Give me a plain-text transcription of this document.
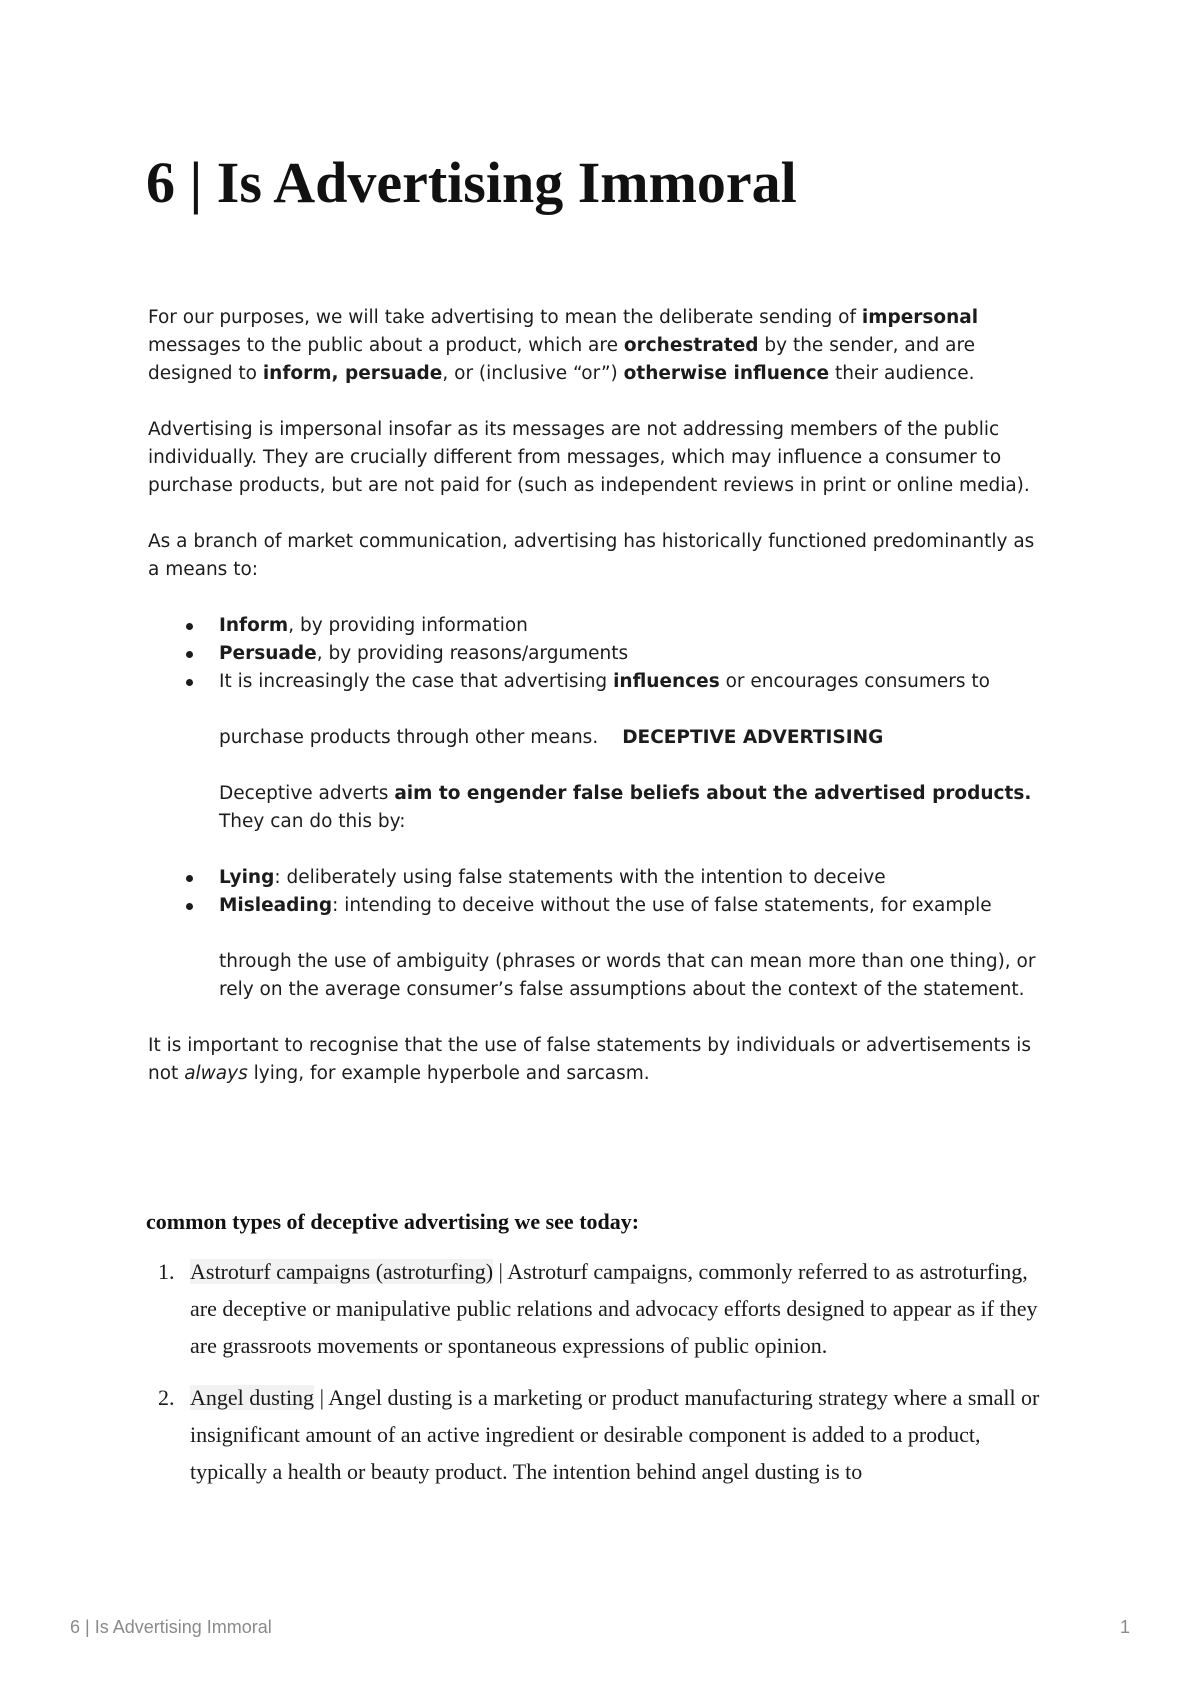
6 | Is Advertising Immoral

For our purposes, we will take advertising to mean the deliberate sending of impersonal messages to the public about a product, which are orchestrated by the sender, and are designed to inform, persuade, or (inclusive “or”) otherwise influence their audience.

Advertising is impersonal insofar as its messages are not addressing members of the public individually. They are crucially different from messages, which may influence a consumer to purchase products, but are not paid for (such as independent reviews in print or online media).

As a branch of market communication, advertising has historically functioned predominantly as a means to:

Inform, by providing information
Persuade, by providing reasons/arguments
It is increasingly the case that advertising influences or encourages consumers to
purchase products through other means. DECEPTIVE ADVERTISING
Deceptive adverts aim to engender false beliefs about the advertised products. They can do this by:
Lying: deliberately using false statements with the intention to deceive
Misleading: intending to deceive without the use of false statements, for example
through the use of ambiguity (phrases or words that can mean more than one thing), or rely on the average consumer’s false assumptions about the context of the statement.

It is important to recognise that the use of false statements by individuals or advertisements is not always lying, for example hyperbole and sarcasm.

common types of deceptive advertising we see today:
1. Astroturf campaigns (astroturfing) | Astroturf campaigns, commonly referred to as astroturfing, are deceptive or manipulative public relations and advocacy efforts designed to appear as if they are grassroots movements or spontaneous expressions of public opinion.
2. Angel dusting | Angel dusting is a marketing or product manufacturing strategy where a small or insignificant amount of an active ingredient or desirable component is added to a product, typically a health or beauty product. The intention behind angel dusting is to
6 | Is Advertising Immoral	1
